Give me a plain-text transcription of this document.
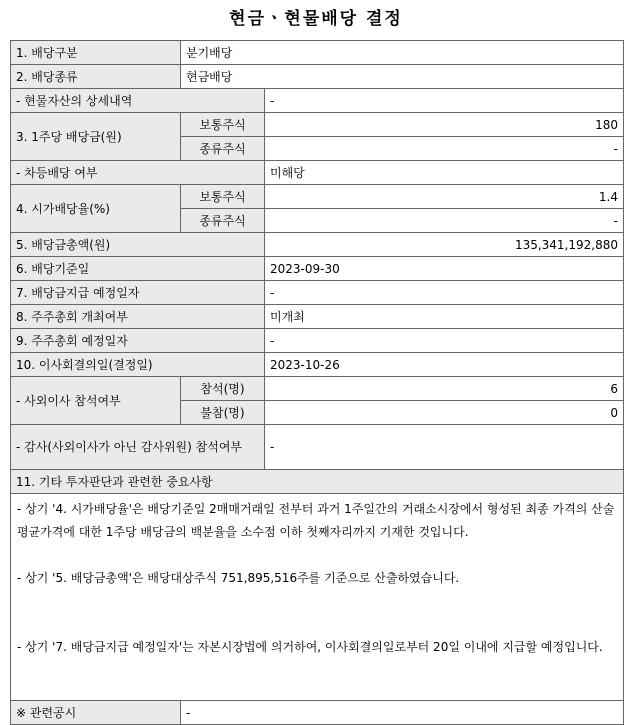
현금ㆍ현물배당 결정
1. 배당구분	분기배당	
2. 배당종류	현금배당	
- 현물자산의 상세내역		-
3. 1주당 배당금(원)	보통주식	180
	종류주식	-
- 차등배당 여부		미해당
4. 시가배당율(%)	보통주식	1.4
	종류주식	-
5. 배당금총액(원)		135,341,192,880
6. 배당기준일		2023-09-30
7. 배당금지급 예정일자		-
8. 주주총회 개최여부		미개최
9. 주주총회 예정일자		-
10. 이사회결의일(결정일)		2023-10-26
- 사외이사 참석여부	참석(명)	6
	불참(명)	0
- 감사(사외이사가 아닌 감사위원) 참석여부		-
11. 기타 투자판단과 관련한 중요사항		

- 상기 '4. 시가배당율'은 배당기준일 2매매거래일 전부터 과거 1주일간의 거래소시장에서 형성된 최종 가격의 산술평균가격에 대한 1주당 배당금의 백분율을 소수점 이하 첫째자리까지 기재한 것입니다.

- 상기 '5. 배당금총액'은 배당대상주식 751,895,516주를 기준으로 산출하였습니다.

- 상기 '7. 배당금지급 예정일자'는 자본시장법에 의거하여, 이사회결의일로부터 20일 이내에 지급할 예정입니다.		

※ 관련공시	-	
